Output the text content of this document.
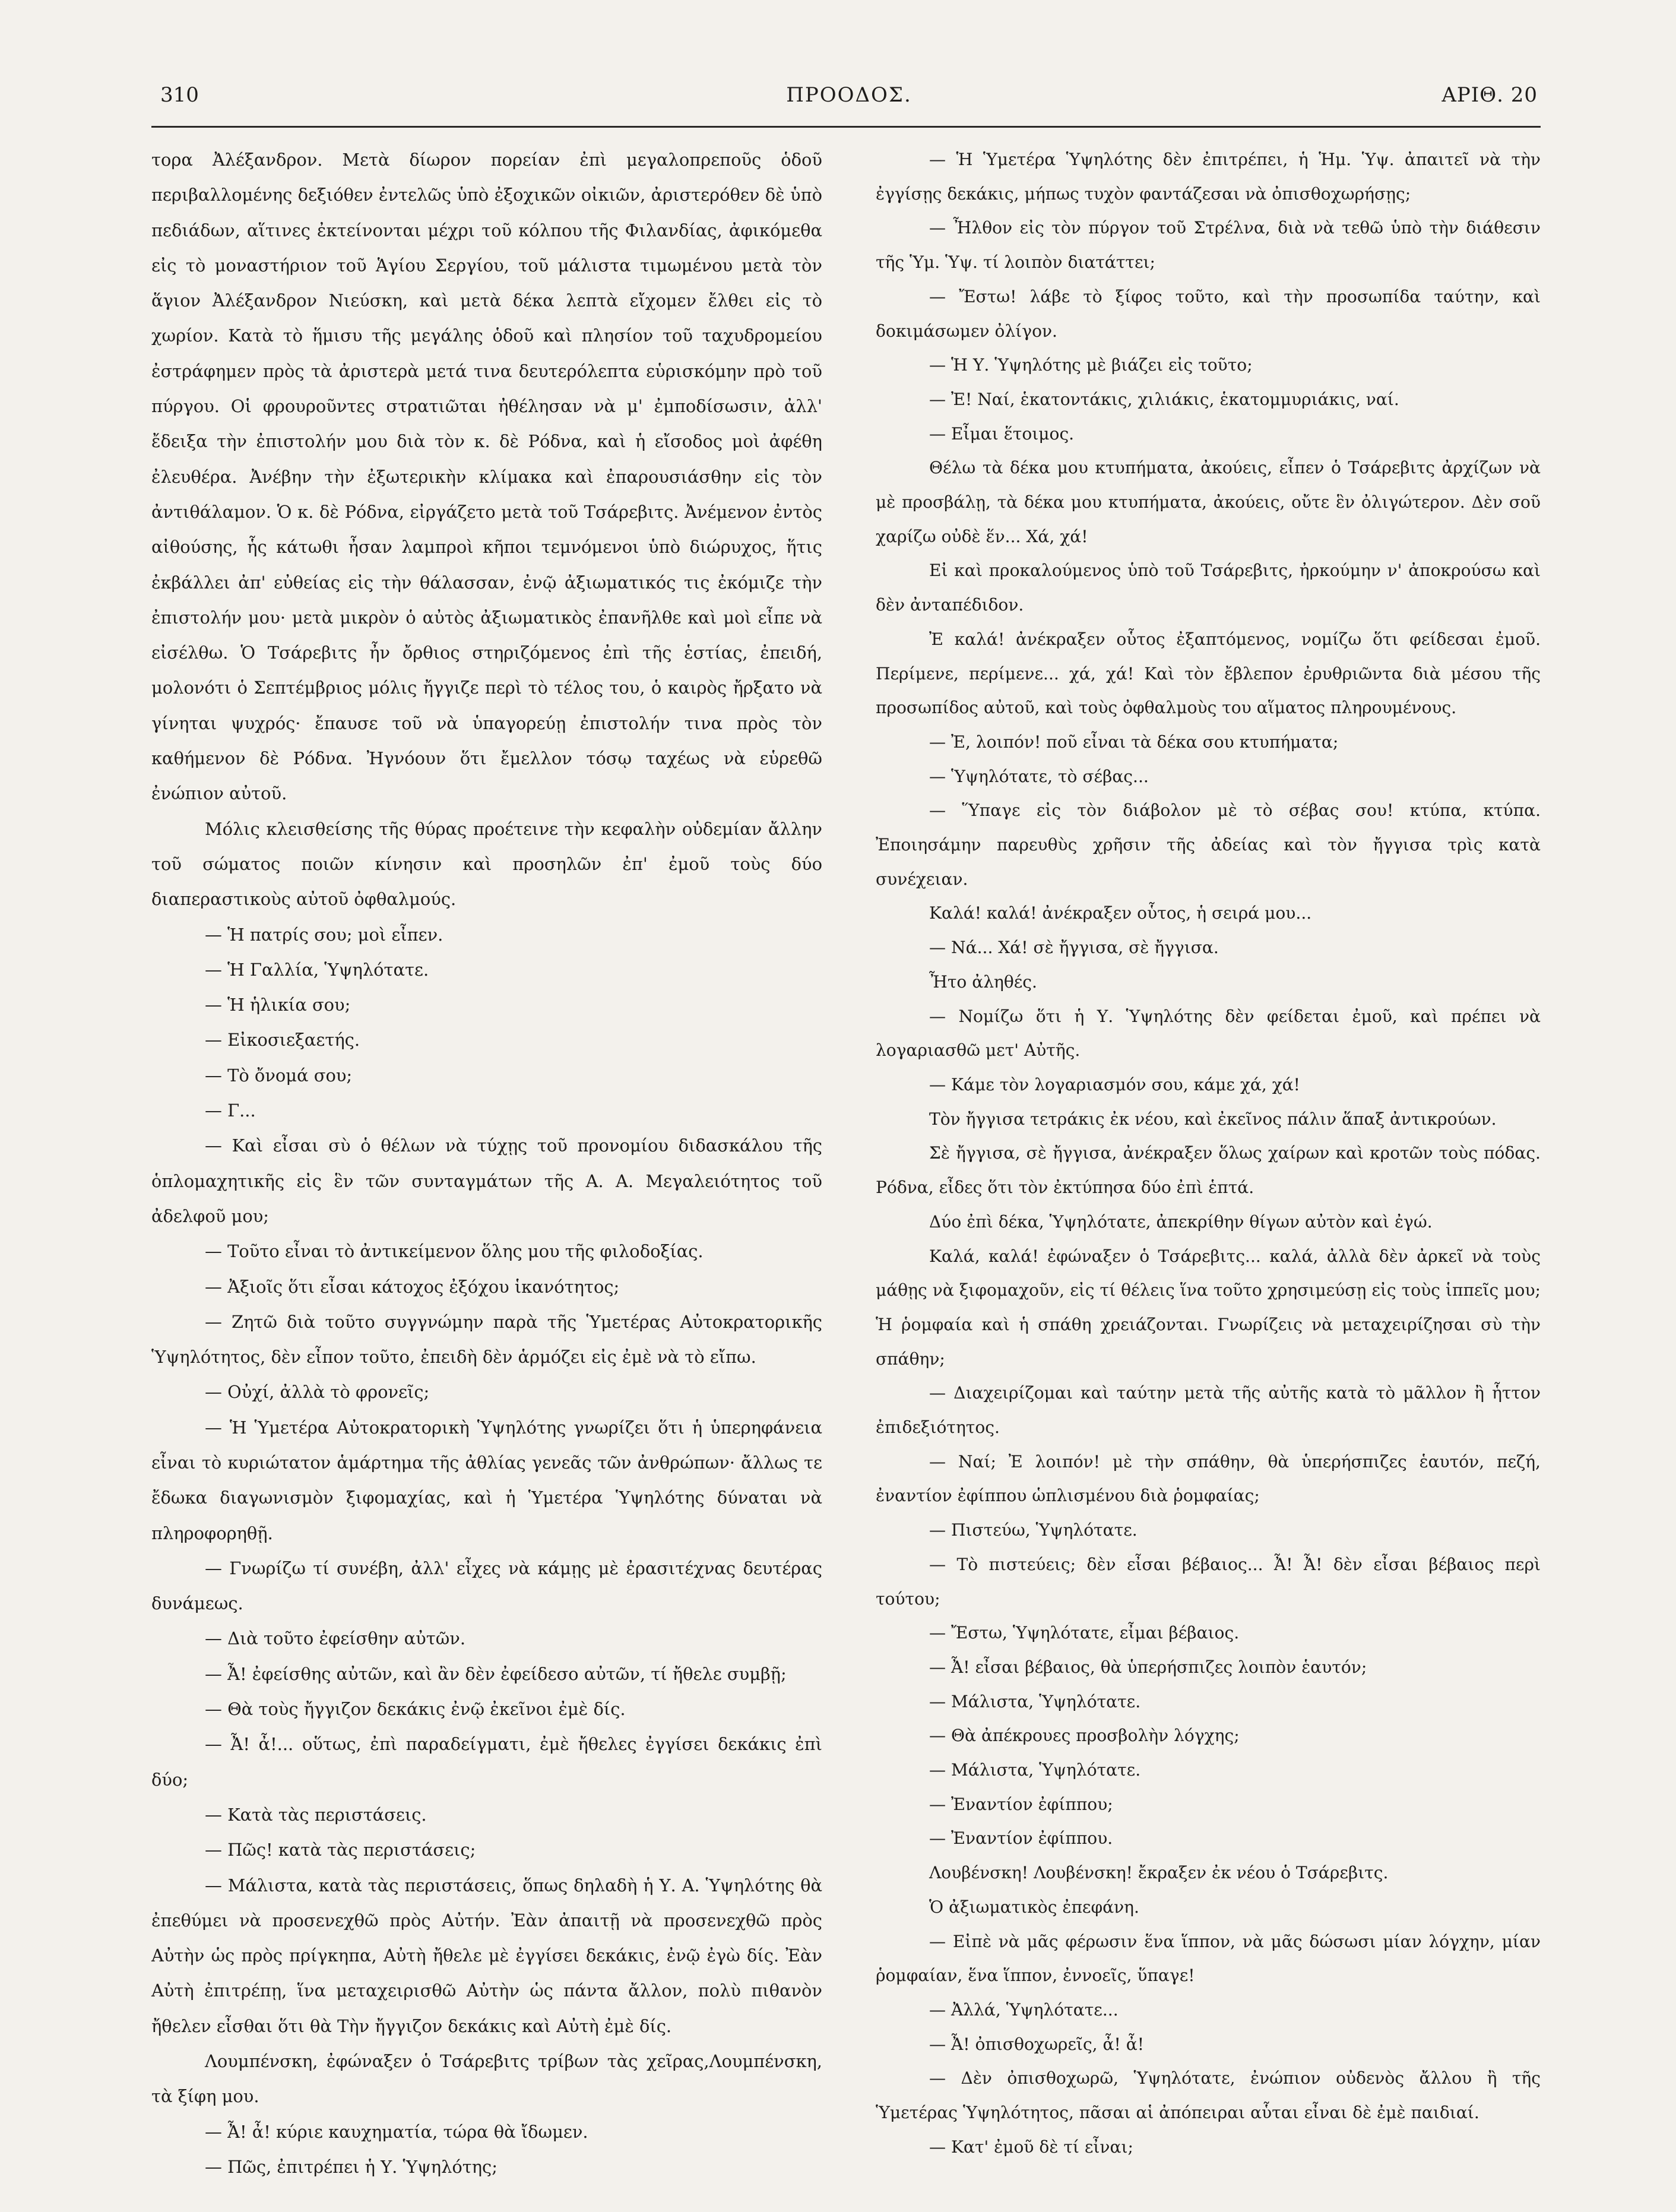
310	ΠΡΟΟΔΟΣ.	ΑΡΙΘ. 20

τορα Ἀλέξανδρον. Μετὰ δίωρον πορείαν ἐπὶ μεγαλοπρεποῦς ὁδοῦ περιβαλλομένης δεξιόθεν ἐντελῶς ὑπὸ ἐξοχικῶν οἰκιῶν, ἀριστερόθεν δὲ ὑπὸ πεδιάδων, αἵτινες ἐκτείνονται μέχρι τοῦ κόλπου τῆς Φιλανδίας, ἀφικόμεθα εἰς τὸ μοναστήριον τοῦ Ἁγίου Σεργίου, τοῦ μάλιστα τιμωμένου μετὰ τὸν ἅγιον Ἀλέξανδρον Νιεύσκη, καὶ μετὰ δέκα λεπτὰ εἴχομεν ἔλθει εἰς τὸ χωρίον. Κατὰ τὸ ἥμισυ τῆς μεγάλης ὁδοῦ καὶ πλησίον τοῦ ταχυδρομείου ἐστράφημεν πρὸς τὰ ἀριστερὰ μετά τινα δευτερόλεπτα εὑρισκόμην πρὸ τοῦ πύργου. Οἱ φρουροῦντες στρατιῶται ἠθέλησαν νὰ μ' ἐμποδίσωσιν, ἀλλ' ἔδειξα τὴν ἐπιστολήν μου διὰ τὸν κ. δὲ Ρόδνα, καὶ ἡ εἴσοδος μοὶ ἀφέθη ἐλευθέρα. Ἀνέβην τὴν ἐξωτερικὴν κλίμακα καὶ ἐπαρουσιάσθην εἰς τὸν ἀντιθάλαμον. Ὁ κ. δὲ Ρόδνα, εἰργάζετο μετὰ τοῦ Τσάρεβιτς. Ἀνέμενον ἐντὸς αἰθούσης, ἧς κάτωθι ἦσαν λαμπροὶ κῆποι τεμνόμενοι ὑπὸ διώρυχος, ἥτις ἐκβάλλει ἀπ' εὐθείας εἰς τὴν θάλασσαν, ἐνῷ ἀξιωματικός τις ἐκόμιζε τὴν ἐπιστολήν μου· μετὰ μικρὸν ὁ αὐτὸς ἀξιωματικὸς ἐπανῆλθε καὶ μοὶ εἶπε νὰ εἰσέλθω. Ὁ Τσάρεβιτς ἦν ὄρθιος στηριζόμενος ἐπὶ τῆς ἑστίας, ἐπειδή, μολονότι ὁ Σεπτέμβριος μόλις ἤγγιζε περὶ τὸ τέλος του, ὁ καιρὸς ἤρξατο νὰ γίνηται ψυχρός· ἔπαυσε τοῦ νὰ ὑπαγορεύῃ ἐπιστολήν τινα πρὸς τὸν καθήμενον δὲ Ρόδνα. Ἠγνόουν ὅτι ἔμελλον τόσῳ ταχέως νὰ εὑρεθῶ ἐνώπιον αὐτοῦ.

Μόλις κλεισθείσης τῆς θύρας προέτεινε τὴν κεφαλὴν οὐδεμίαν ἄλλην τοῦ σώματος ποιῶν κίνησιν καὶ προσηλῶν ἐπ' ἐμοῦ τοὺς δύο διαπεραστικοὺς αὐτοῦ ὀφθαλμούς.

— Ἡ πατρίς σου; μοὶ εἶπεν.

— Ἡ Γαλλία, Ὑψηλότατε.

— Ἡ ἡλικία σου;

— Εἰκοσιεξαετής.

— Τὸ ὄνομά σου;

— Γ...

— Καὶ εἶσαι σὺ ὁ θέλων νὰ τύχῃς τοῦ προνομίου διδασκάλου τῆς ὁπλομαχητικῆς εἰς ἓν τῶν συνταγμάτων τῆς Α. Α. Μεγαλειότητος τοῦ ἀδελφοῦ μου;

— Τοῦτο εἶναι τὸ ἀντικείμενον ὅλης μου τῆς φιλοδοξίας.

— Ἀξιοῖς ὅτι εἶσαι κάτοχος ἐξόχου ἱκανότητος;

— Ζητῶ διὰ τοῦτο συγγνώμην παρὰ τῆς Ὑμετέρας Αὐτοκρατορικῆς Ὑψηλότητος, δὲν εἶπον τοῦτο, ἐπειδὴ δὲν ἁρμόζει εἰς ἐμὲ νὰ τὸ εἴπω.

— Οὐχί, ἀλλὰ τὸ φρονεῖς;

— Ἡ Ὑμετέρα Αὐτοκρατορικὴ Ὑψηλότης γνωρίζει ὅτι ἡ ὑπερηφάνεια εἶναι τὸ κυριώτατον ἁμάρτημα τῆς ἀθλίας γενεᾶς τῶν ἀνθρώπων· ἄλλως τε ἔδωκα διαγωνισμὸν ξιφομαχίας, καὶ ἡ Ὑμετέρα Ὑψηλότης δύναται νὰ πληροφορηθῇ.

— Γνωρίζω τί συνέβη, ἀλλ' εἶχες νὰ κάμῃς μὲ ἐρασιτέχνας δευτέρας δυνάμεως.

— Διὰ τοῦτο ἐφείσθην αὐτῶν.

— Ἆ! ἐφείσθης αὐτῶν, καὶ ἂν δὲν ἐφείδεσο αὐτῶν, τί ἤθελε συμβῇ;

— Θὰ τοὺς ἤγγιζον δεκάκις ἐνῷ ἐκεῖνοι ἐμὲ δίς.

— Ἆ! ἆ!... οὕτως, ἐπὶ παραδείγματι, ἐμὲ ἤθελες ἐγγίσει δεκάκις ἐπὶ δύο;

— Κατὰ τὰς περιστάσεις.

— Πῶς! κατὰ τὰς περιστάσεις;

— Μάλιστα, κατὰ τὰς περιστάσεις, ὅπως δηλαδὴ ἡ Υ. Α. Ὑψηλότης θὰ ἐπεθύμει νὰ προσενεχθῶ πρὸς Αὐτήν. Ἐὰν ἀπαιτῇ νὰ προσενεχθῶ πρὸς Αὐτὴν ὡς πρὸς πρίγκηπα, Αὐτὴ ἤθελε μὲ ἐγγίσει δεκάκις, ἐνῷ ἐγὼ δίς. Ἐὰν Αὐτὴ ἐπιτρέπῃ, ἵνα μεταχειρισθῶ Αὐτὴν ὡς πάντα ἄλλον, πολὺ πιθανὸν ἤθελεν εἶσθαι ὅτι θὰ Τὴν ἤγγιζον δεκάκις καὶ Αὐτὴ ἐμὲ δίς.

Λουμπένσκη, ἐφώναξεν ὁ Τσάρεβιτς τρίβων τὰς χεῖρας,Λουμπένσκη, τὰ ξίφη μου.

— Ἆ! ἆ! κύριε καυχηματία, τώρα θὰ ἴδωμεν.

— Πῶς, ἐπιτρέπει ἡ Υ. Ὑψηλότης;

— Ἡ Ὑμετέρα Ὑψηλότης δὲν ἐπιτρέπει, ἡ Ἡμ. Ὑψ. ἀπαιτεῖ νὰ τὴν ἐγγίσῃς δεκάκις, μήπως τυχὸν φαντάζεσαι νὰ ὀπισθοχωρήσῃς;

— Ἦλθον εἰς τὸν πύργον τοῦ Στρέλνα, διὰ νὰ τεθῶ ὑπὸ τὴν διάθεσιν τῆς Ὑμ. Ὑψ. τί λοιπὸν διατάττει;

— Ἔστω! λάβε τὸ ξίφος τοῦτο, καὶ τὴν προσωπίδα ταύτην, καὶ δοκιμάσωμεν ὀλίγον.

— Ἡ Υ. Ὑψηλότης μὲ βιάζει εἰς τοῦτο;

— Ἐ! Ναί, ἑκατοντάκις, χιλιάκις, ἑκατομμυριάκις, ναί.

— Εἶμαι ἕτοιμος.

Θέλω τὰ δέκα μου κτυπήματα, ἀκούεις, εἶπεν ὁ Τσάρεβιτς ἀρχίζων νὰ μὲ προσβάλῃ, τὰ δέκα μου κτυπήματα, ἀκούεις, οὔτε ἓν ὀλιγώτερον. Δὲν σοῦ χαρίζω οὐδὲ ἕν... Χά, χά!

Εἰ καὶ προκαλούμενος ὑπὸ τοῦ Τσάρεβιτς, ἠρκούμην ν' ἀποκρούσω καὶ δὲν ἀνταπέδιδον.

Ἐ καλά! ἀνέκραξεν οὗτος ἐξαπτόμενος, νομίζω ὅτι φείδεσαι ἐμοῦ. Περίμενε, περίμενε... χά, χά! Καὶ τὸν ἔβλεπον ἐρυθριῶντα διὰ μέσου τῆς προσωπίδος αὐτοῦ, καὶ τοὺς ὀφθαλμοὺς του αἵματος πληρουμένους.

— Ἐ, λοιπόν! ποῦ εἶναι τὰ δέκα σου κτυπήματα;

— Ὑψηλότατε, τὸ σέβας...

— Ὕπαγε εἰς τὸν διάβολον μὲ τὸ σέβας σου! κτύπα, κτύπα. Ἐποιησάμην παρευθὺς χρῆσιν τῆς ἀδείας καὶ τὸν ἤγγισα τρὶς κατὰ συνέχειαν.

Καλά! καλά! ἀνέκραξεν οὗτος, ἡ σειρά μου...

— Νά... Χά! σὲ ἤγγισα, σὲ ἤγγισα.

Ἦτο ἀληθές.

— Νομίζω ὅτι ἡ Υ. Ὑψηλότης δὲν φείδεται ἐμοῦ, καὶ πρέπει νὰ λογαριασθῶ μετ' Αὐτῆς.

— Κάμε τὸν λογαριασμόν σου, κάμε χά, χά!

Τὸν ἤγγισα τετράκις ἐκ νέου, καὶ ἐκεῖνος πάλιν ἅπαξ ἀντικρούων.

Σὲ ἤγγισα, σὲ ἤγγισα, ἀνέκραξεν ὅλως χαίρων καὶ κροτῶν τοὺς πόδας. Ρόδνα, εἶδες ὅτι τὸν ἐκτύπησα δύο ἐπὶ ἑπτά.

Δύο ἐπὶ δέκα, Ὑψηλότατε, ἀπεκρίθην θίγων αὐτὸν καὶ ἐγώ.

Καλά, καλά! ἐφώναξεν ὁ Τσάρεβιτς... καλά, ἀλλὰ δὲν ἀρκεῖ νὰ τοὺς μάθῃς νὰ ξιφομαχοῦν, εἰς τί θέλεις ἵνα τοῦτο χρησιμεύσῃ εἰς τοὺς ἱππεῖς μου; Ἡ ῥομφαία καὶ ἡ σπάθη χρειάζονται. Γνωρίζεις νὰ μεταχειρίζησαι σὺ τὴν σπάθην;

— Διαχειρίζομαι καὶ ταύτην μετὰ τῆς αὐτῆς κατὰ τὸ μᾶλλον ἢ ἧττον ἐπιδεξιότητος.

— Ναί; Ἐ λοιπόν! μὲ τὴν σπάθην, θὰ ὑπερήσπιζες ἑαυτόν, πεζή, ἐναντίον ἐφίππου ὡπλισμένου διὰ ῥομφαίας;

— Πιστεύω, Ὑψηλότατε.

— Τὸ πιστεύεις; δὲν εἶσαι βέβαιος... Ἆ! Ἆ! δὲν εἶσαι βέβαιος περὶ τούτου;

— Ἔστω, Ὑψηλότατε, εἶμαι βέβαιος.

— Ἆ! εἶσαι βέβαιος, θὰ ὑπερήσπιζες λοιπὸν ἑαυτόν;

— Μάλιστα, Ὑψηλότατε.

— Θὰ ἀπέκρουες προσβολὴν λόγχης;

— Μάλιστα, Ὑψηλότατε.

— Ἐναντίον ἐφίππου;

— Ἐναντίον ἐφίππου.

Λουβένσκη! Λουβένσκη! ἔκραξεν ἐκ νέου ὁ Τσάρεβιτς.

Ὁ ἀξιωματικὸς ἐπεφάνη.

— Εἰπὲ νὰ μᾶς φέρωσιν ἕνα ἵππον, νὰ μᾶς δώσωσι μίαν λόγχην, μίαν ῥομφαίαν, ἕνα ἵππον, ἐννοεῖς, ὕπαγε!

— Ἀλλά, Ὑψηλότατε...

— Ἆ! ὀπισθοχωρεῖς, ἆ! ἆ!

— Δὲν ὀπισθοχωρῶ, Ὑψηλότατε, ἐνώπιον οὐδενὸς ἄλλου ἢ τῆς Ὑμετέρας Ὑψηλότητος, πᾶσαι αἱ ἀπόπειραι αὗται εἶναι δὲ ἐμὲ παιδιαί.

— Κατ' ἐμοῦ δὲ τί εἶναι;
